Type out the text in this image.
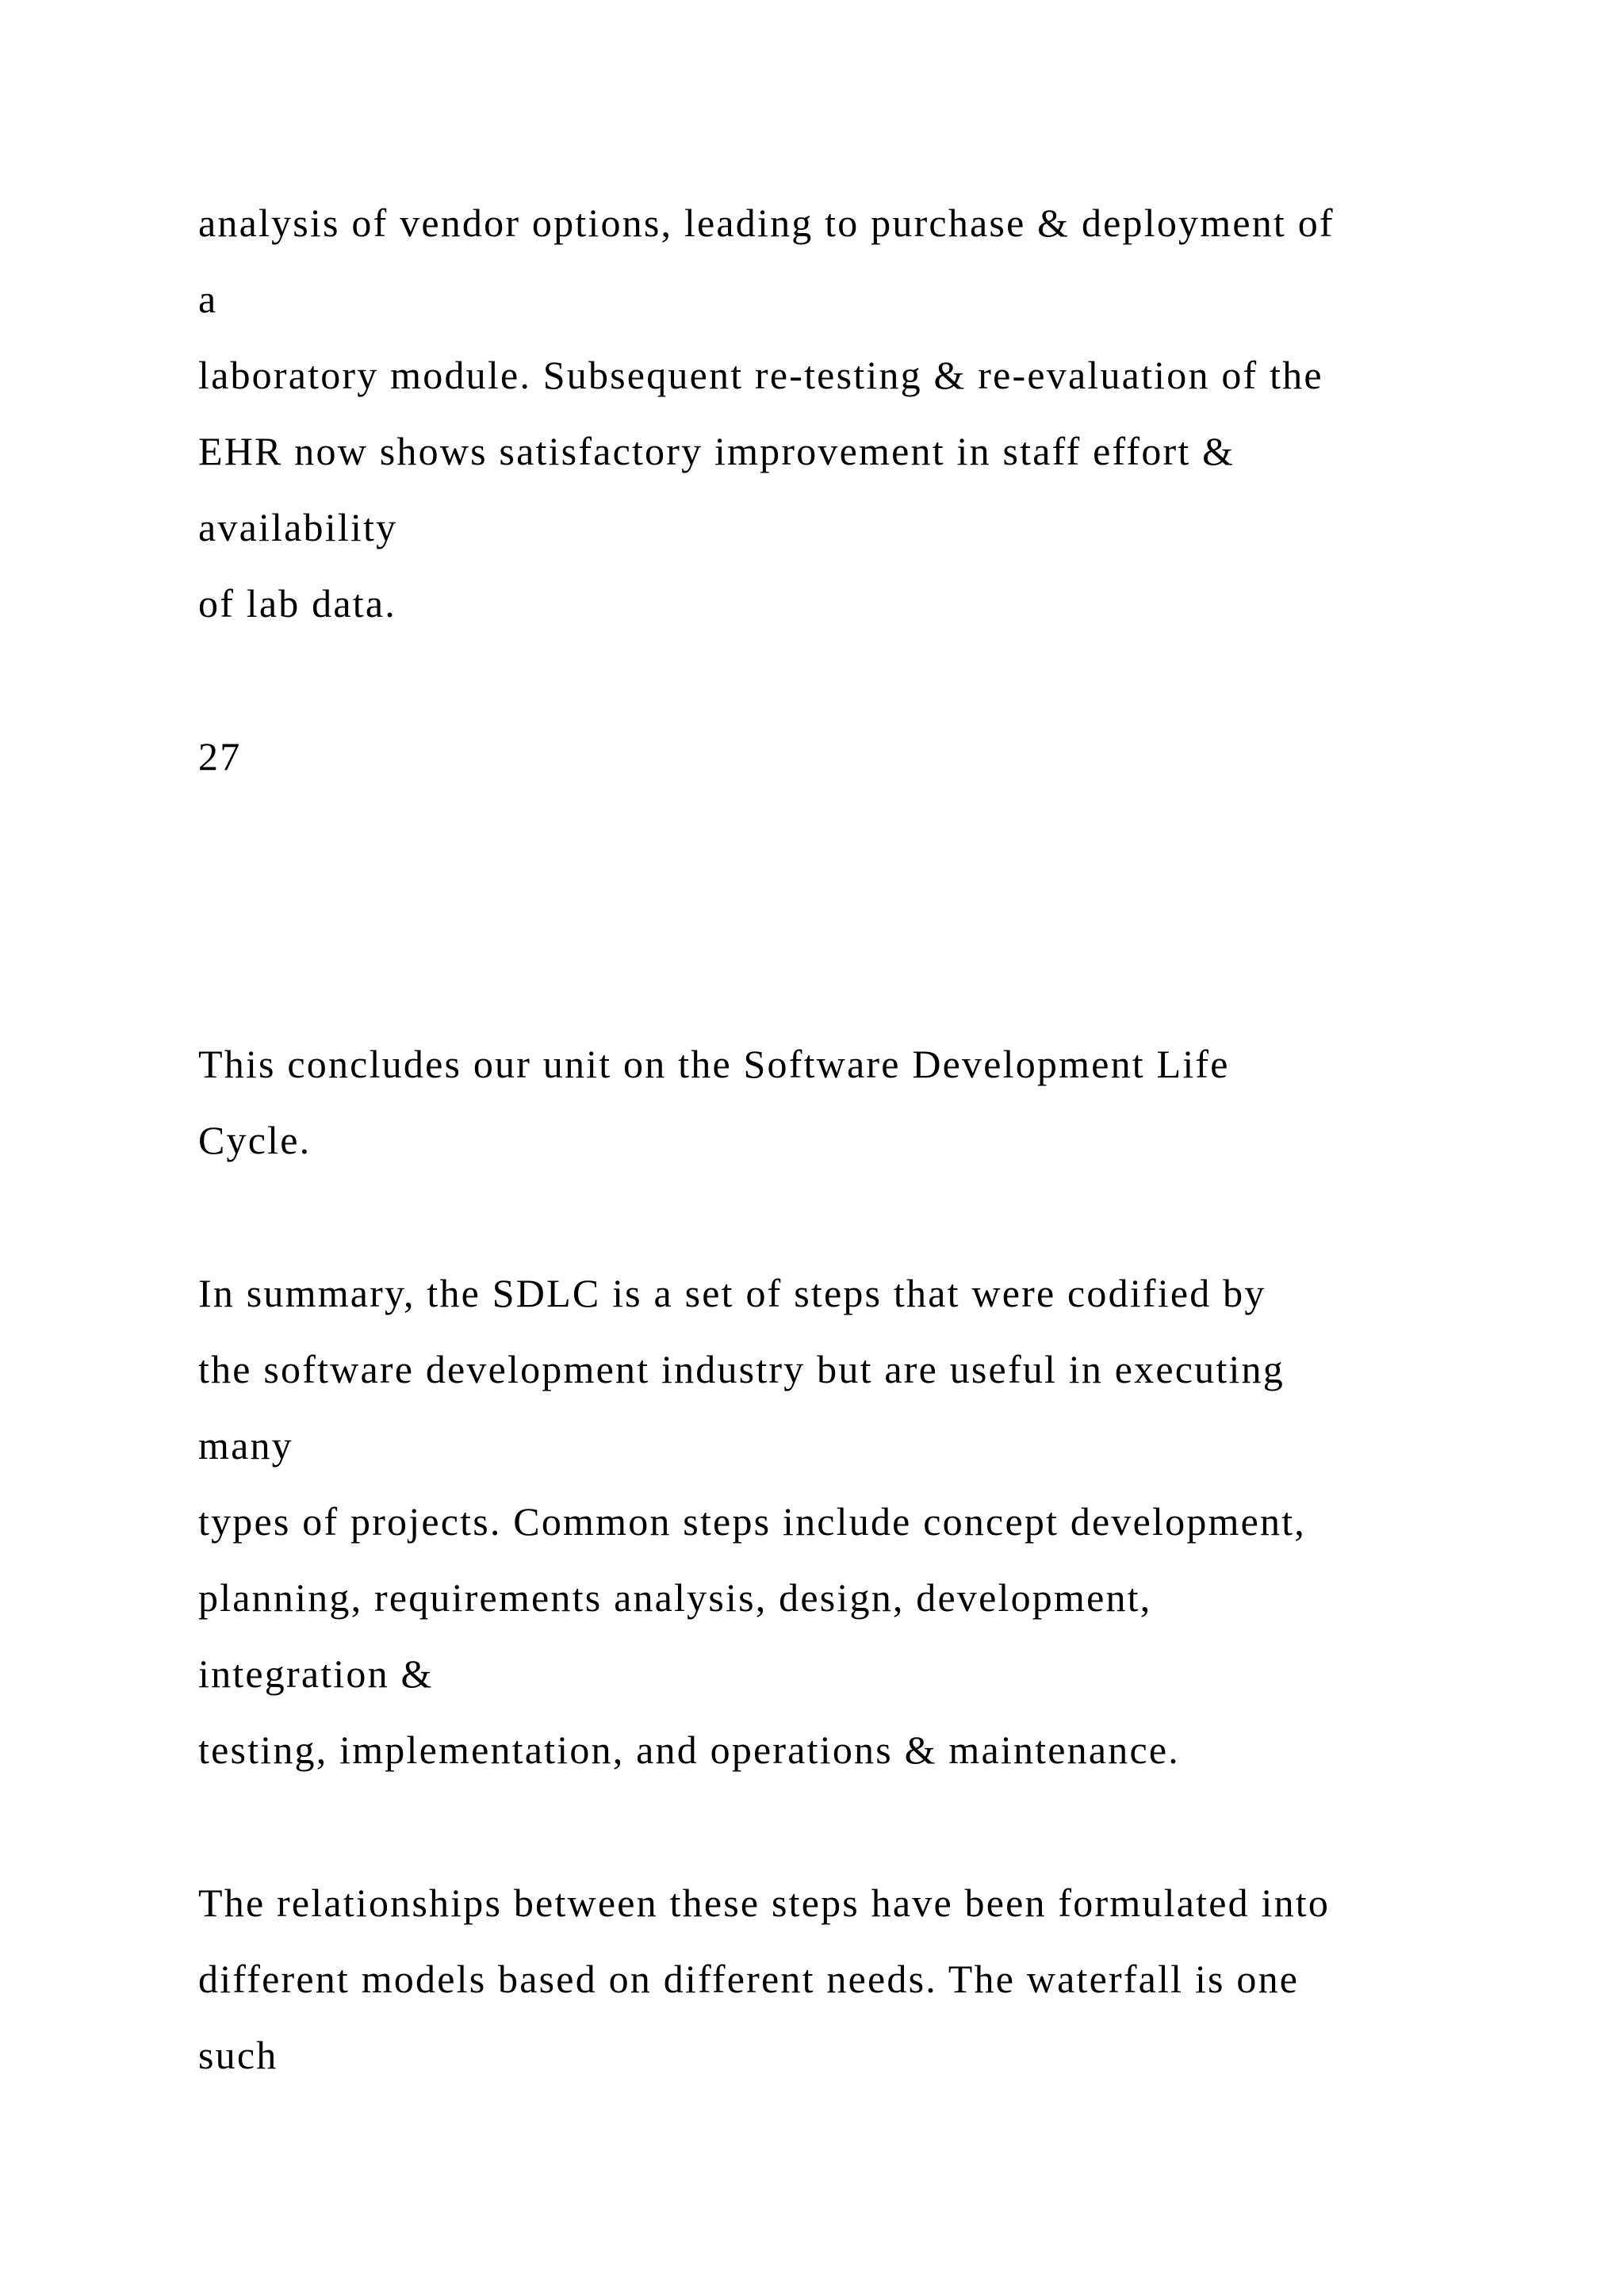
analysis of vendor options, leading to purchase & deployment of

a

laboratory module. Subsequent re-testing & re-evaluation of the

EHR now shows satisfactory improvement in staff effort &

availability

of lab data.

27

This concludes our unit on the Software Development Life

Cycle.

In summary, the SDLC is a set of steps that were codified by

the software development industry but are useful in executing

many

types of projects. Common steps include concept development,

planning, requirements analysis, design, development,

integration &

testing, implementation, and operations & maintenance.

The relationships between these steps have been formulated into

different models based on different needs. The waterfall is one

such
